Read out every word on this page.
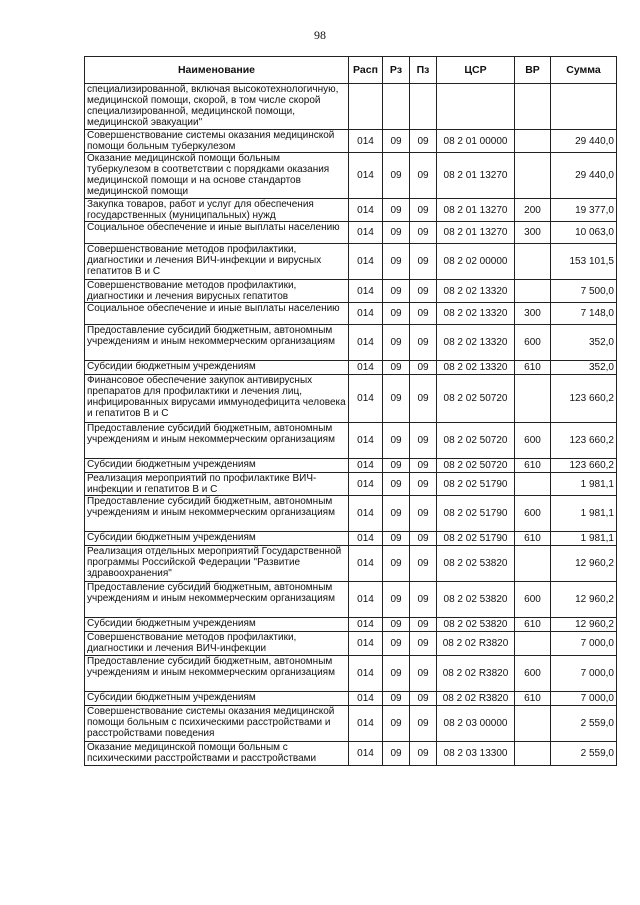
98
Наименование	Расп	Рз	Пз	ЦСР	ВР	Сумма
специализированной, включая высокотехнологичную, медицинской помощи, скорой, в том числе скорой специализированной, медицинской помощи, медицинской эвакуации"						
Совершенствование системы оказания медицинской помощи больным туберкулезом	014	09	09	08 2 01 00000		29 440,0
Оказание медицинской помощи больным туберкулезом в соответствии с порядками оказания медицинской помощи и на основе стандартов медицинской помощи	014	09	09	08 2 01 13270		29 440,0
Закупка товаров, работ и услуг для обеспечения государственных (муниципальных) нужд	014	09	09	08 2 01 13270	200	19 377,0
Социальное обеспечение и иные выплаты населению	014	09	09	08 2 01 13270	300	10 063,0
Совершенствование методов профилактики, диагностики и лечения ВИЧ-инфекции и вирусных гепатитов В и С	014	09	09	08 2 02 00000		153 101,5
Совершенствование методов профилактики, диагностики и лечения вирусных гепатитов	014	09	09	08 2 02 13320		7 500,0
Социальное обеспечение и иные выплаты населению	014	09	09	08 2 02 13320	300	7 148,0
Предоставление субсидий бюджетным, автономным учреждениям и иным некоммерческим организациям	014	09	09	08 2 02 13320	600	352,0
Субсидии бюджетным учреждениям	014	09	09	08 2 02 13320	610	352,0
Финансовое обеспечение закупок антивирусных препаратов для профилактики и лечения лиц, инфицированных вирусами иммунодефицита человека и гепатитов В и С	014	09	09	08 2 02 50720		123 660,2
Предоставление субсидий бюджетным, автономным учреждениям и иным некоммерческим организациям	014	09	09	08 2 02 50720	600	123 660,2
Субсидии бюджетным учреждениям	014	09	09	08 2 02 50720	610	123 660,2
Реализация мероприятий по профилактике ВИЧ-инфекции и гепатитов В и С	014	09	09	08 2 02 51790		1 981,1
Предоставление субсидий бюджетным, автономным учреждениям и иным некоммерческим организациям	014	09	09	08 2 02 51790	600	1 981,1
Субсидии бюджетным учреждениям	014	09	09	08 2 02 51790	610	1 981,1
Реализация отдельных мероприятий Государственной программы Российской Федерации "Развитие здравоохранения"	014	09	09	08 2 02 53820		12 960,2
Предоставление субсидий бюджетным, автономным учреждениям и иным некоммерческим организациям	014	09	09	08 2 02 53820	600	12 960,2
Субсидии бюджетным учреждениям	014	09	09	08 2 02 53820	610	12 960,2
Совершенствование методов профилактики, диагностики и лечения ВИЧ-инфекции	014	09	09	08 2 02 R3820		7 000,0
Предоставление субсидий бюджетным, автономным учреждениям и иным некоммерческим организациям	014	09	09	08 2 02 R3820	600	7 000,0
Субсидии бюджетным учреждениям	014	09	09	08 2 02 R3820	610	7 000,0
Совершенствование системы оказания медицинской помощи больным с психическими расстройствами и расстройствами поведения	014	09	09	08 2 03 00000		2 559,0
Оказание медицинской помощи больным с психическими расстройствами и расстройствами	014	09	09	08 2 03 13300		2 559,0
